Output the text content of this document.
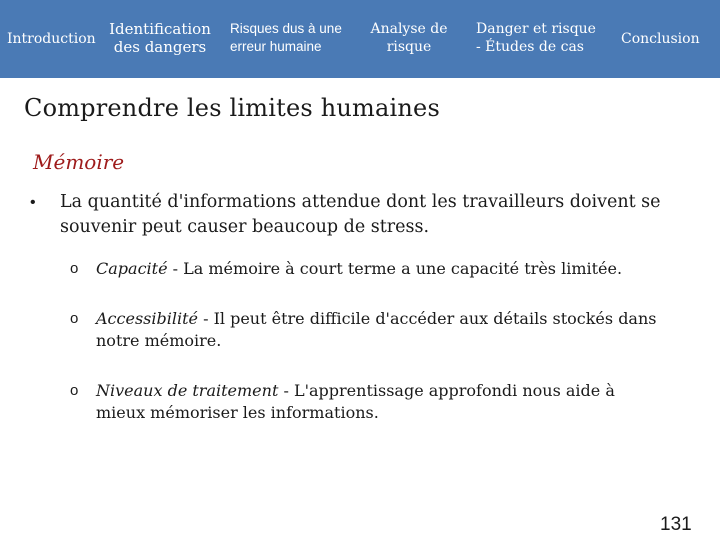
Introduction
Identification des dangers
Risques dus à une erreur humaine
Analyse de risque
Danger et risque - Études de cas	Conclusion
Comprendre les limites humaines
Mémoire
•	La quantité d'informations attendue dont les travailleurs doivent se souvenir peut causer beaucoup de stress.
o Capacité - La mémoire à court terme a une capacité très limitée.
o Accessibilité - Il peut être difficile d'accéder aux détails stockés dans notre mémoire.
o Niveaux de traitement - L'apprentissage approfondi nous aide à mieux mémoriser les informations.
131
